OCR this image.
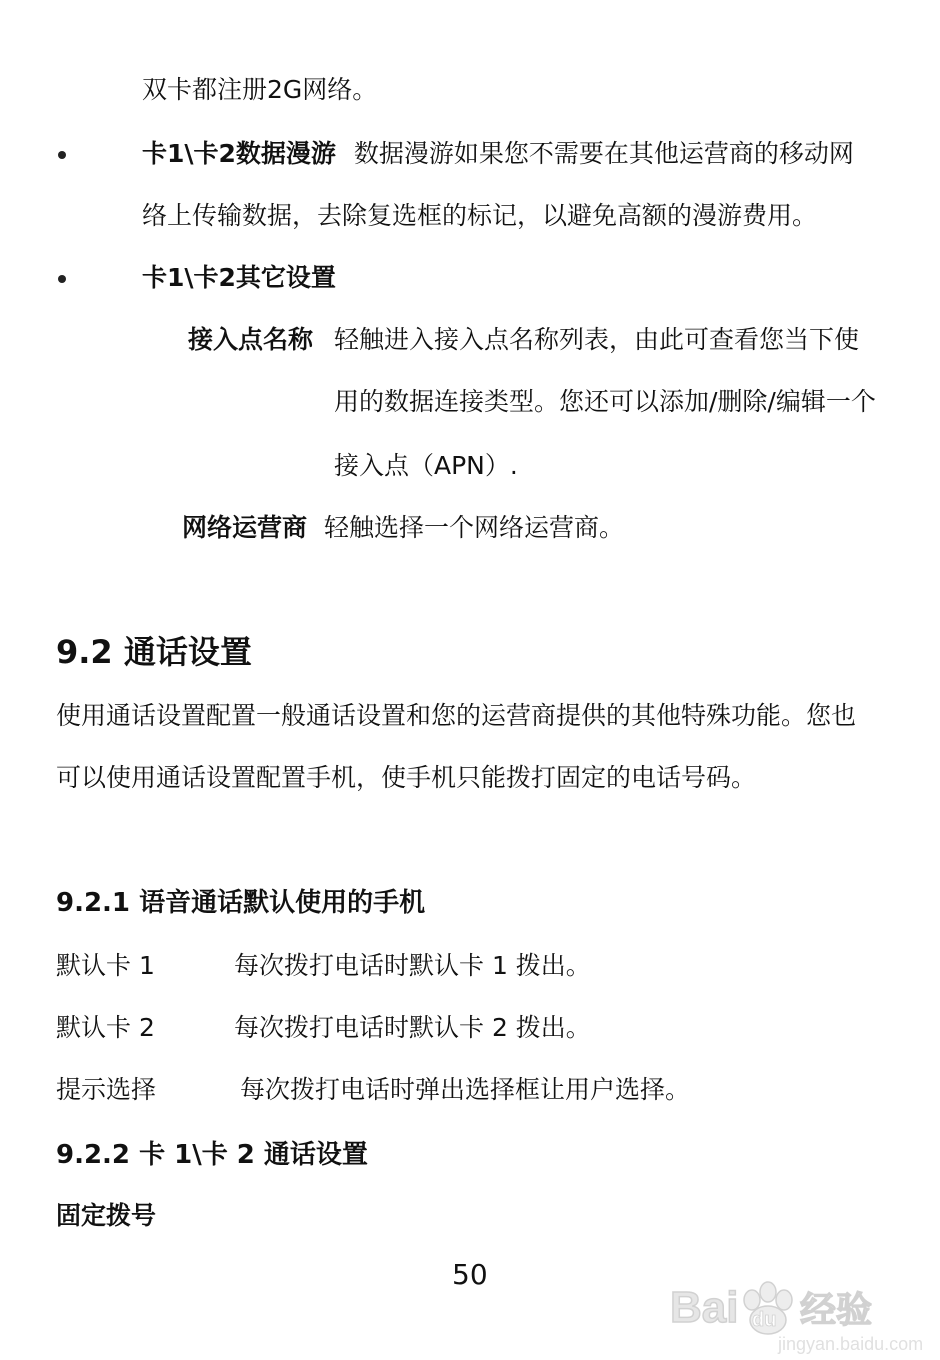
双卡都注册2G网络。
卡1\卡2数据漫游 数据漫游如果您不需要在其他运营商的移动网
络上传输数据，去除复选框的标记，以避免高额的漫游费用。
卡1\卡2其它设置
接入点名称 轻触进入接入点名称列表，由此可查看您当下使
用的数据连接类型。您还可以添加/删除/编辑一个
接入点（APN）.
网络运营商 轻触选择一个网络运营商。
9.2 通话设置
使用通话设置配置一般通话设置和您的运营商提供的其他特殊功能。您也
可以使用通话设置配置手机，使手机只能拨打固定的电话号码。
9.2.1 语音通话默认使用的手机
默认卡 1	每次拨打电话时默认卡 1 拨出。
默认卡 2	每次拨打电话时默认卡 2 拨出。
提示选择	每次拨打电话时弹出选择框让用户选择。
9.2.2 卡 1\卡 2 通话设置
固定拨号
50
Bai du 经验
jingyan.baidu.com
